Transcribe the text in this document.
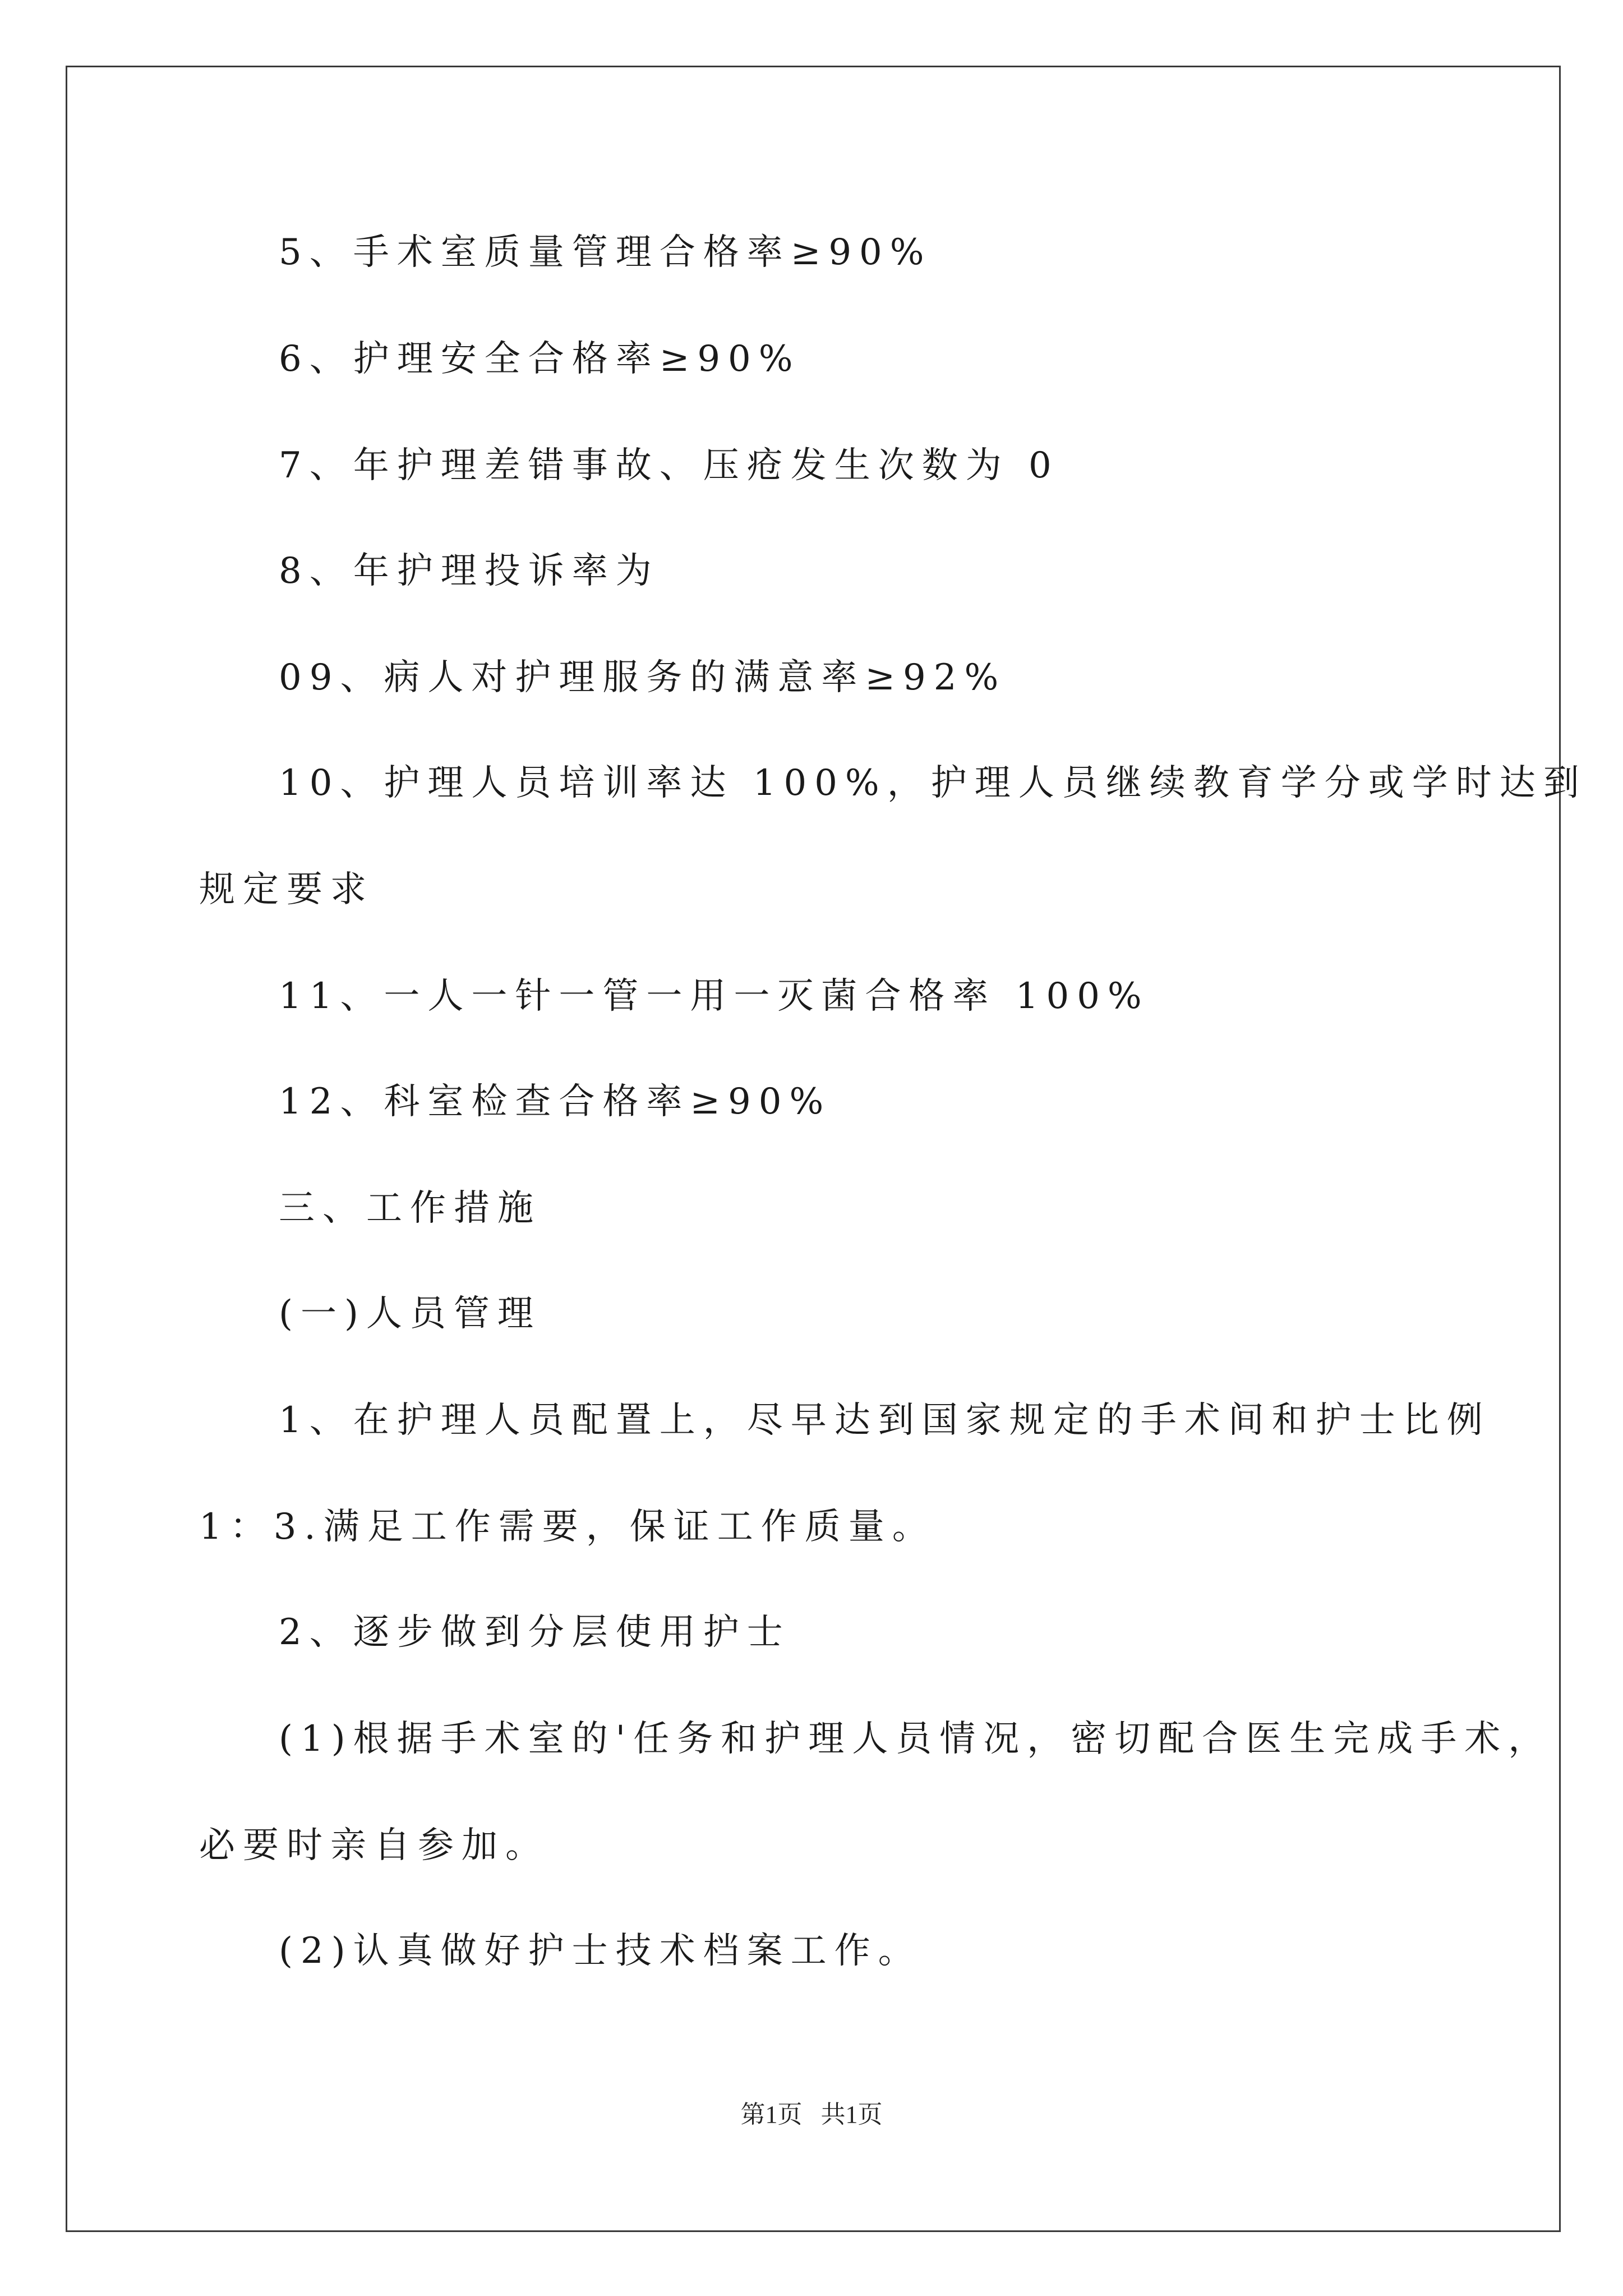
5、手术室质量管理合格率≥90%
6、护理安全合格率≥90%
7、年护理差错事故、压疮发生次数为 0
8、年护理投诉率为
09、病人对护理服务的满意率≥92%
10、护理人员培训率达 100%，护理人员继续教育学分或学时达到
规定要求
11、一人一针一管一用一灭菌合格率 100%
12、科室检查合格率≥90%
三、工作措施
(一)人员管理
1、在护理人员配置上，尽早达到国家规定的手术间和护士比例
1：3.满足工作需要，保证工作质量。
2、逐步做到分层使用护士
(1)根据手术室的'任务和护理人员情况，密切配合医生完成手术，
必要时亲自参加。
(2)认真做好护士技术档案工作。
第1页   共1页
